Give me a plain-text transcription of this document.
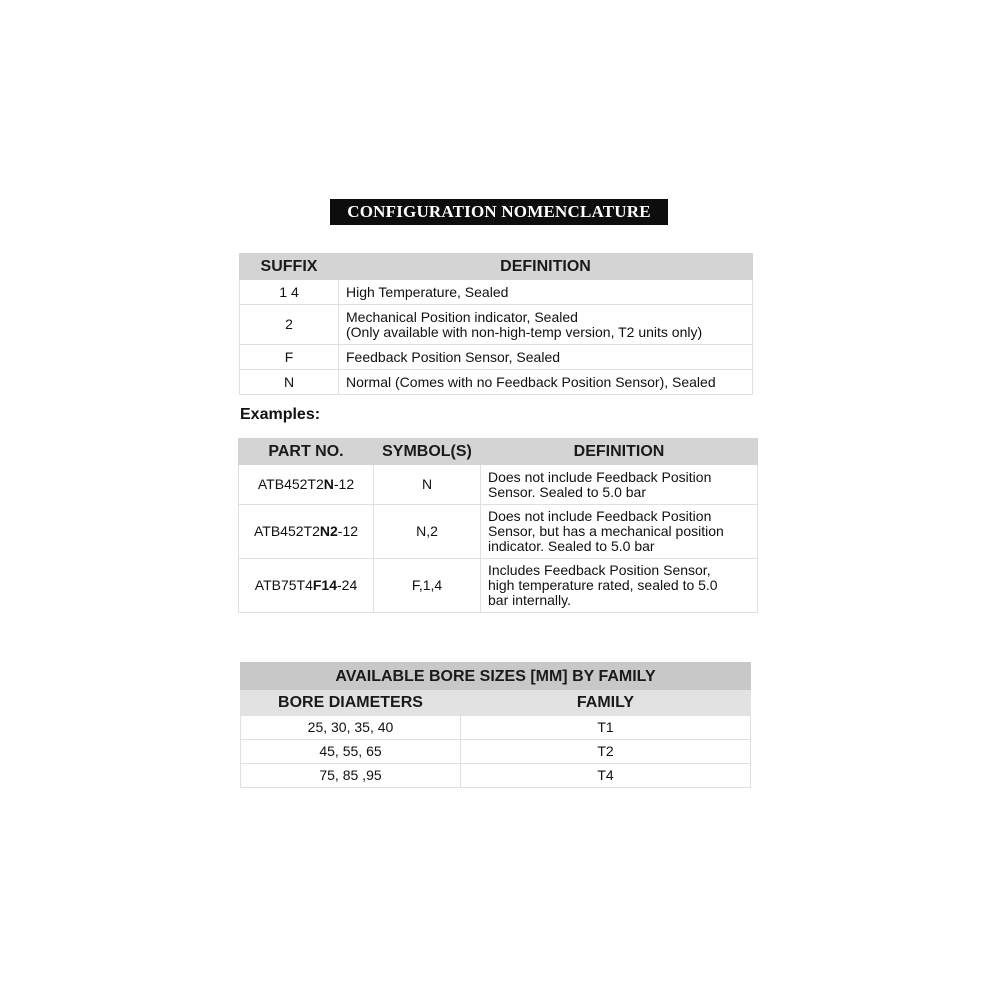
CONFIGURATION NOMENCLATURE
SUFFIX	DEFINITION
1 4	High Temperature, Sealed

2	Mechanical Position indicator, Sealed
(Only available with non-high-temp version, T2 units only)

F	Feedback Position Sensor, Sealed

N	Normal (Comes with no Feedback Position Sensor), Sealed
Examples:
PART NO.	SYMBOL(S)	DEFINITION
ATB452T2N-12	N	Does not include Feedback Position
Sensor. Sealed to 5.0 bar

ATB452T2N2-12	N,2	Does not include Feedback Position
Sensor, but has a mechanical position
indicator. Sealed to 5.0 bar

ATB75T4F14-24	F,1,4	Includes Feedback Position Sensor,
high temperature rated, sealed to 5.0
bar internally.
AVAILABLE BORE SIZES [MM] BY FAMILY	
BORE DIAMETERS	FAMILY
25, 30, 35, 40	T1
45, 55, 65	T2
75, 85 ,95	T4
